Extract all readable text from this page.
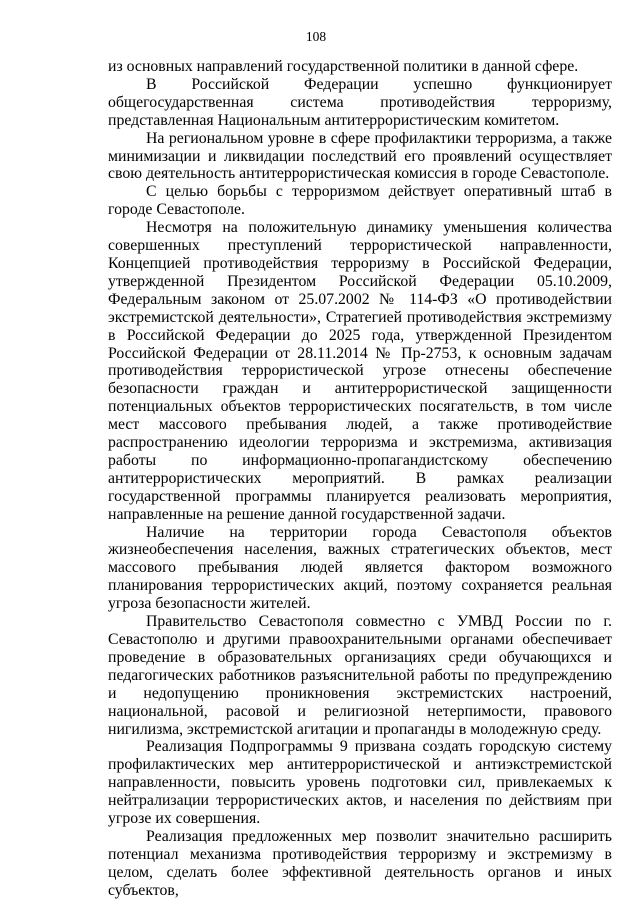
108

из основных направлений государственной политики в данной сфере.

В Российской Федерации успешно функционирует общегосударственная система противодействия терроризму, представленная Национальным антитеррористическим комитетом.

На региональном уровне в сфере профилактики терроризма, а также минимизации и ликвидации последствий его проявлений осуществляет свою деятельность антитеррористическая комиссия в городе Севастополе.

С целью борьбы с терроризмом действует оперативный штаб в городе Севастополе.

Несмотря на положительную динамику уменьшения количества совершенных преступлений террористической направленности, Концепцией противодействия терроризму в Российской Федерации, утвержденной Президентом Российской Федерации 05.10.2009, Федеральным законом от 25.07.2002 № 114-ФЗ «О противодействии экстремистской деятельности», Стратегией противодействия экстремизму в Российской Федерации до 2025 года, утвержденной Президентом Российской Федерации от 28.11.2014 № Пр-2753, к основным задачам противодействия террористической угрозе отнесены обеспечение безопасности граждан и антитеррористической защищенности потенциальных объектов террористических посягательств, в том числе мест массового пребывания людей, а также противодействие распространению идеологии терроризма и экстремизма, активизация работы по информационно-пропагандистскому обеспечению антитеррористических мероприятий. В рамках реализации государственной программы планируется реализовать мероприятия, направленные на решение данной государственной задачи.

Наличие на территории города Севастополя объектов жизнеобеспечения населения, важных стратегических объектов, мест массового пребывания людей является фактором возможного планирования террористических акций, поэтому сохраняется реальная угроза безопасности жителей.

Правительство Севастополя совместно с УМВД России по г. Севастополю и другими правоохранительными органами обеспечивает проведение в образовательных организациях среди обучающихся и педагогических работников разъяснительной работы по предупреждению и недопущению проникновения экстремистских настроений, национальной, расовой и религиозной нетерпимости, правового нигилизма, экстремистской агитации и пропаганды в молодежную среду.

Реализация Подпрограммы 9 призвана создать городскую систему профилактических мер антитеррористической и антиэкстремистской направленности, повысить уровень подготовки сил, привлекаемых к нейтрализации террористических актов, и населения по действиям при угрозе их совершения.

Реализация предложенных мер позволит значительно расширить потенциал механизма противодействия терроризму и экстремизму в целом, сделать более эффективной деятельность органов и иных субъектов,
